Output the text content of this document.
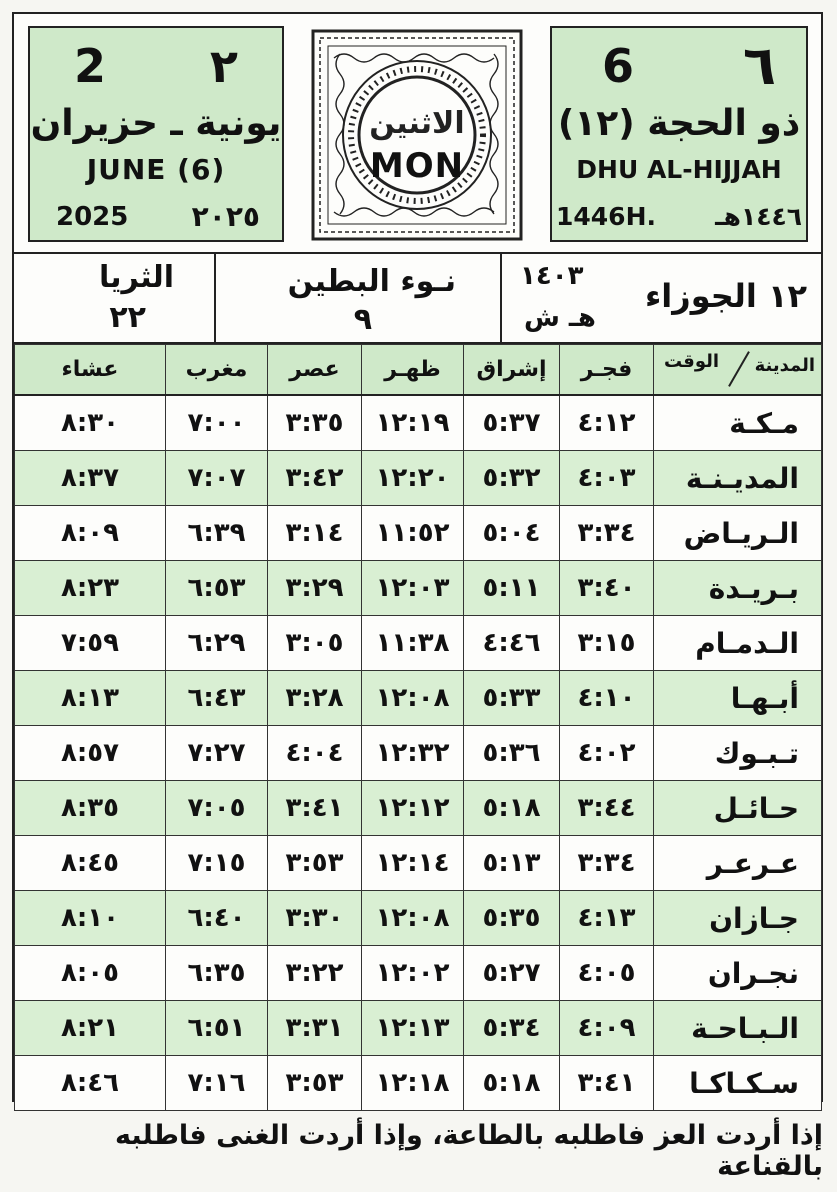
2 ٢
يونية ـ حزيران
JUNE (6)
2025 ٢٠٢٥
الاثنين
MON
6 ٦
ذو الحجة (١٢)
DHU AL-HIJJAH
1446H. ١٤٤٦هـ
الثريا
٢٢
نـوء البطين
٩
١٢ الجوزاء
١٤٠٣
هـ ش
المدينة
الوقت	فجـر	إشراق	ظهـر	عصر	مغرب	عشاء
مـكـة	٤:١٢	٥:٣٧	١٢:١٩	٣:٣٥	٧:٠٠	٨:٣٠
المديـنـة	٤:٠٣	٥:٣٢	١٢:٢٠	٣:٤٢	٧:٠٧	٨:٣٧
الـريـاض	٣:٣٤	٥:٠٤	١١:٥٢	٣:١٤	٦:٣٩	٨:٠٩
بـريـدة	٣:٤٠	٥:١١	١٢:٠٣	٣:٢٩	٦:٥٣	٨:٢٣
الـدمـام	٣:١٥	٤:٤٦	١١:٣٨	٣:٠٥	٦:٢٩	٧:٥٩
أبـهـا	٤:١٠	٥:٣٣	١٢:٠٨	٣:٢٨	٦:٤٣	٨:١٣
تـبـوك	٤:٠٢	٥:٣٦	١٢:٣٢	٤:٠٤	٧:٢٧	٨:٥٧
حـائـل	٣:٤٤	٥:١٨	١٢:١٢	٣:٤١	٧:٠٥	٨:٣٥
عـرعـر	٣:٣٤	٥:١٣	١٢:١٤	٣:٥٣	٧:١٥	٨:٤٥
جـازان	٤:١٣	٥:٣٥	١٢:٠٨	٣:٣٠	٦:٤٠	٨:١٠
نجـران	٤:٠٥	٥:٢٧	١٢:٠٢	٣:٢٢	٦:٣٥	٨:٠٥
الـبـاحـة	٤:٠٩	٥:٣٤	١٢:١٣	٣:٣١	٦:٥١	٨:٢١
سـكـاكـا	٣:٤١	٥:١٨	١٢:١٨	٣:٥٣	٧:١٦	٨:٤٦
إذا أردت العز فاطلبه بالطاعة، وإذا أردت الغنى فاطلبه بالقناعة
